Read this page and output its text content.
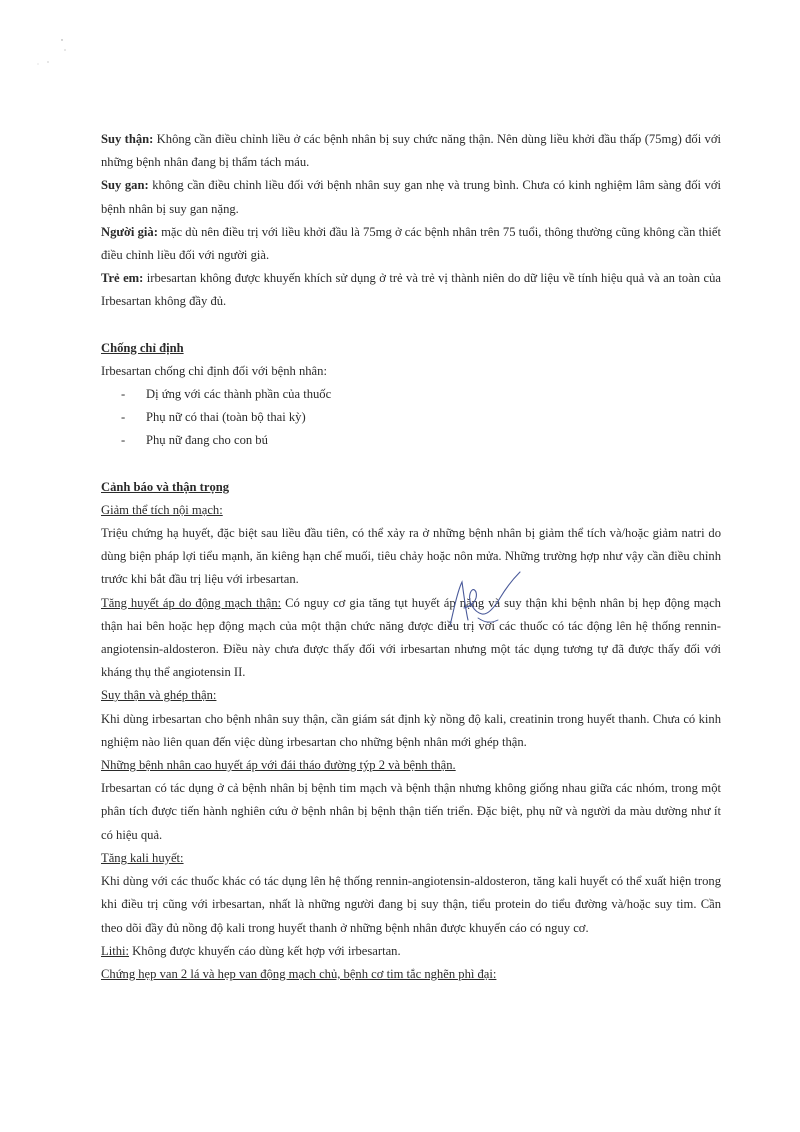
Suy thận: Không cần điều chỉnh liều ở các bệnh nhân bị suy chức năng thận. Nên dùng liều khởi đầu thấp (75mg) đối với những bệnh nhân đang bị thẩm tách máu.

Suy gan: không cần điều chỉnh liều đối với bệnh nhân suy gan nhẹ và trung bình. Chưa có kinh nghiệm lâm sàng đối với bệnh nhân bị suy gan nặng.

Người già: mặc dù nên điều trị với liều khởi đầu là 75mg ở các bệnh nhân trên 75 tuổi, thông thường cũng không cần thiết điều chỉnh liều đối với người già.

Trẻ em: irbesartan không được khuyến khích sử dụng ở trẻ và trẻ vị thành niên do dữ liệu về tính hiệu quả và an toàn của Irbesartan không đầy đủ.

Chống chỉ định

Irbesartan chống chỉ định đối với bệnh nhân:

- Dị ứng với các thành phần của thuốc
- Phụ nữ có thai (toàn bộ thai kỳ)
- Phụ nữ đang cho con bú

Cảnh báo và thận trọng

Giảm thể tích nội mạch:

Triệu chứng hạ huyết, đặc biệt sau liều đầu tiên, có thể xảy ra ở những bệnh nhân bị giảm thể tích và/hoặc giảm natri do dùng biện pháp lợi tiểu mạnh, ăn kiêng hạn chế muối, tiêu chảy hoặc nôn mửa. Những trường hợp như vậy cần điều chỉnh trước khi bắt đầu trị liệu với irbesartan.

Tăng huyết áp do động mạch thận: Có nguy cơ gia tăng tụt huyết áp nặng và suy thận khi bệnh nhân bị hẹp động mạch thận hai bên hoặc hẹp động mạch của một thận chức năng được điều trị với các thuốc có tác động lên hệ thống rennin-angiotensin-aldosteron. Điều này chưa được thấy đối với irbesartan nhưng một tác dụng tương tự đã được thấy đối với kháng thụ thể angiotensin II.

Suy thận và ghép thận:

Khi dùng irbesartan cho bệnh nhân suy thận, cần giám sát định kỳ nồng độ kali, creatinin trong huyết thanh. Chưa có kinh nghiệm nào liên quan đến việc dùng irbesartan cho những bệnh nhân mới ghép thận.

Những bệnh nhân cao huyết áp với đái tháo đường týp 2 và bệnh thận.

Irbesartan có tác dụng ở cả bệnh nhân bị bệnh tim mạch và bệnh thận nhưng không giống nhau giữa các nhóm, trong một phân tích được tiến hành nghiên cứu ở bệnh nhân bị bệnh thận tiến triển. Đặc biệt, phụ nữ và người da màu dường như ít có hiệu quả.

Tăng kali huyết:

Khi dùng với các thuốc khác có tác dụng lên hệ thống rennin-angiotensin-aldosteron, tăng kali huyết có thể xuất hiện trong khi điều trị cũng với irbesartan, nhất là những người đang bị suy thận, tiểu protein do tiểu đường và/hoặc suy tim. Cần theo dõi đầy đủ nồng độ kali trong huyết thanh ở những bệnh nhân được khuyến cáo có nguy cơ.

Lithi: Không được khuyến cáo dùng kết hợp với irbesartan.

Chứng hẹp van 2 lá và hẹp van động mạch chủ, bệnh cơ tim tắc nghẽn phì đại:
